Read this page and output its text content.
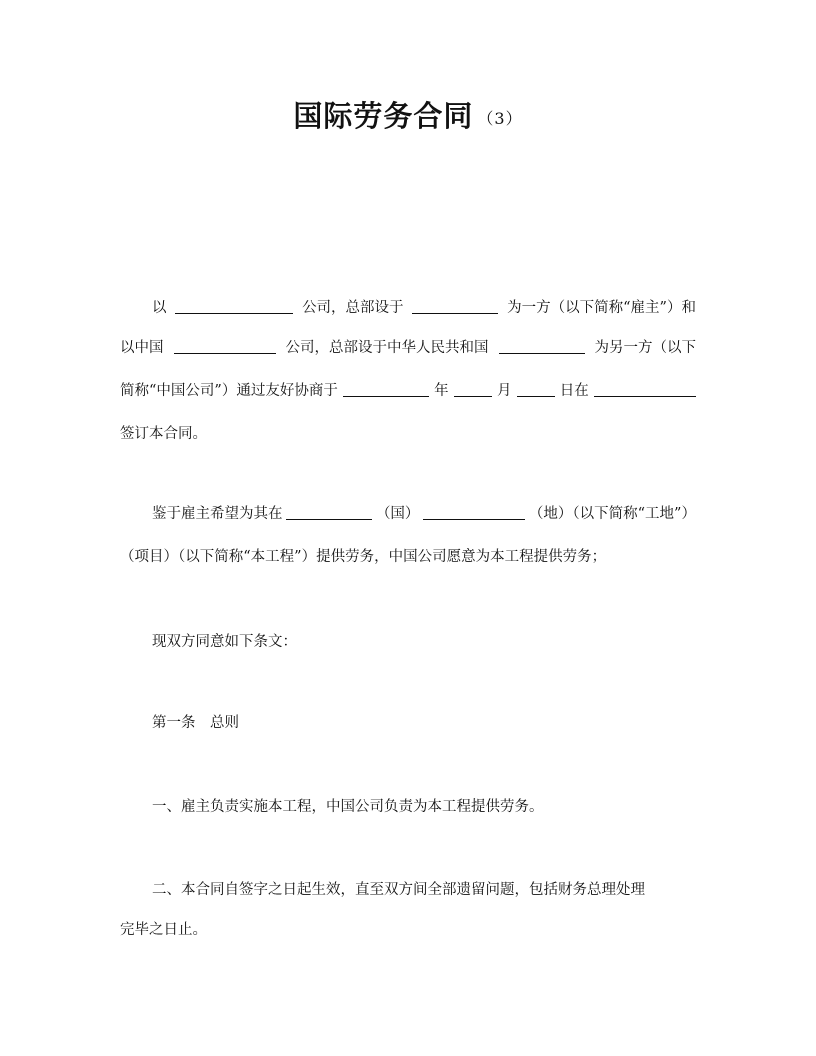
国际劳务合同 （3）
以	公司，总部设于	为一方（以下简称“雇主”）和
以中国	公司，总部设于中华人民共和国	为另一方（以下
简称“中国公司”）通过友好协商于	年	月	日在
签订本合同。
鉴于雇主希望为其在	（国）	（地）（以下简称“工地”）
（项目）（以下简称“本工程”）提供劳务，中国公司愿意为本工程提供劳务；
现双方同意如下条文：
第一条　总则
一、雇主负责实施本工程，中国公司负责为本工程提供劳务。
二、本合同自签字之日起生效，直至双方间全部遗留问题，包括财务总理处理
完毕之日止。
